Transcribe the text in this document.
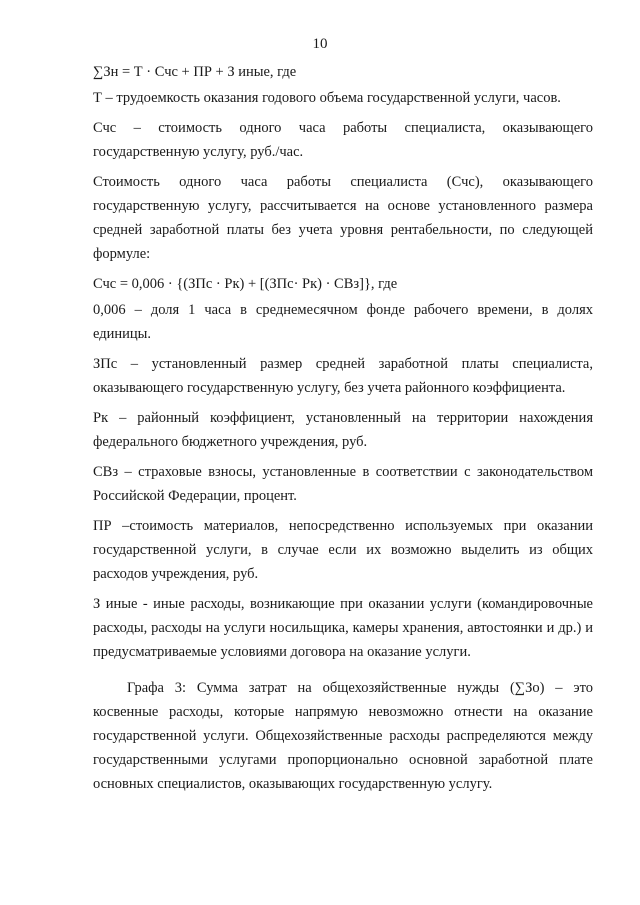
10

∑Зн = Т · Счс + ПР + З иные, где

Т – трудоемкость оказания годового объема государственной услуги, часов.

Счс – стоимость одного часа работы специалиста, оказывающего государственную услугу, руб./час.

Стоимость одного часа работы специалиста (Счс), оказывающего государственную услугу, рассчитывается на основе установленного размера средней заработной платы без учета уровня рентабельности, по следующей формуле:

Счс = 0,006 · {(ЗПс · Рк) + [(ЗПс· Рк) · СВз]}, где

0,006 – доля 1 часа в среднемесячном фонде рабочего времени, в долях единицы.

ЗПс – установленный размер средней заработной платы специалиста, оказывающего государственную услугу, без учета районного коэффициента.

Рк – районный коэффициент, установленный на территории нахождения федерального бюджетного учреждения, руб.

СВз – страховые взносы, установленные в соответствии с законодательством Российской Федерации, процент.

ПР –стоимость материалов, непосредственно используемых при оказании государственной услуги, в случае если их возможно выделить из общих расходов учреждения, руб.

З иные - иные расходы, возникающие при оказании услуги (командировочные расходы, расходы на услуги носильщика, камеры хранения, автостоянки и др.) и предусматриваемые условиями договора на оказание услуги.

Графа 3: Сумма затрат на общехозяйственные нужды (∑Зо) – это косвенные расходы, которые напрямую невозможно отнести на оказание государственной услуги. Общехозяйственные расходы распределяются между государственными услугами пропорционально основной заработной плате основных специалистов, оказывающих государственную услугу.
